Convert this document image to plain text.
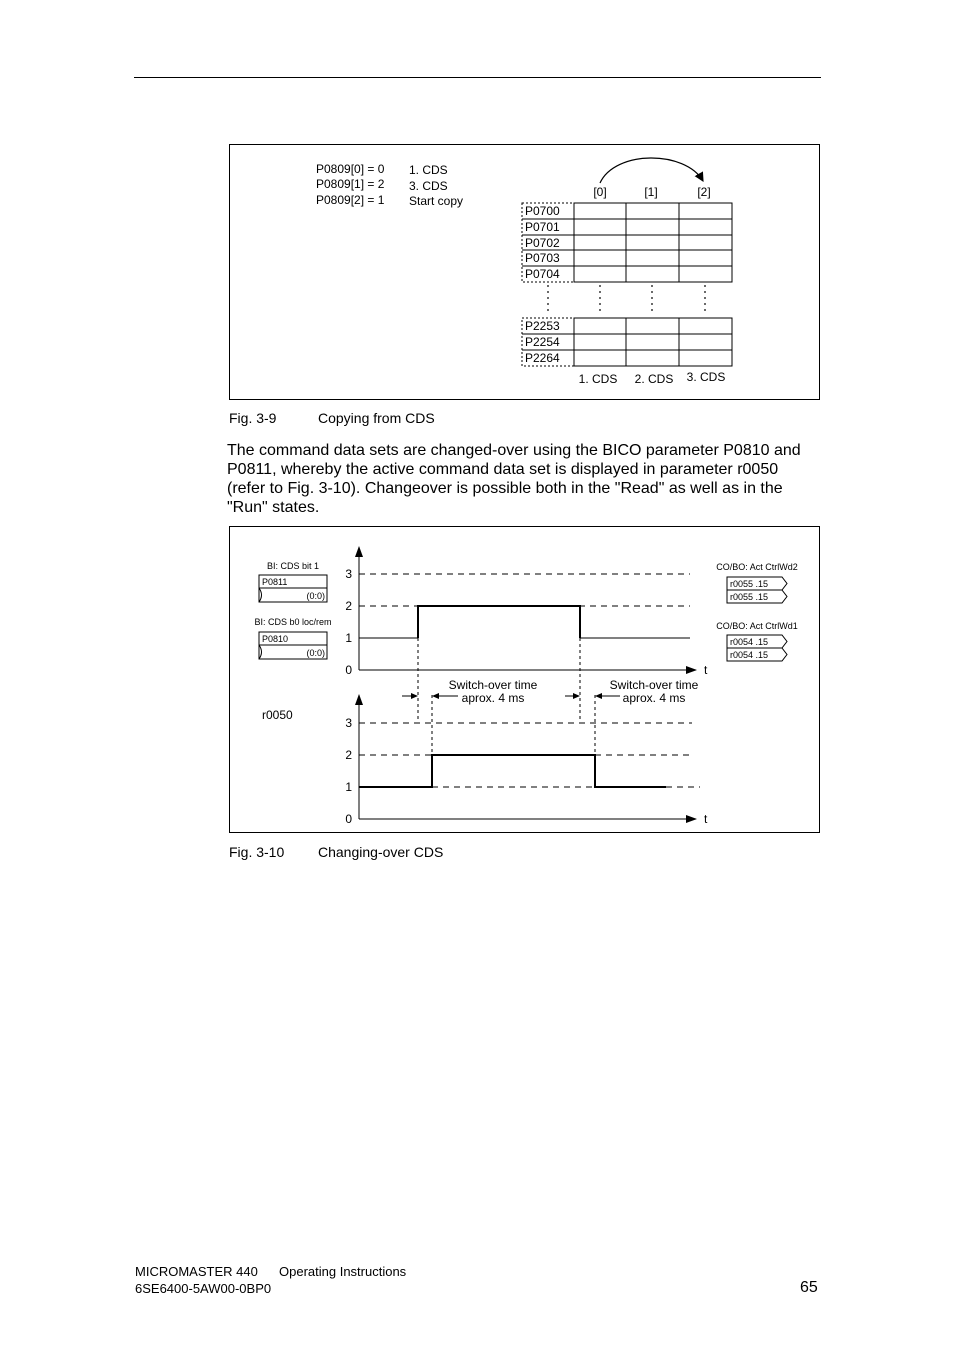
P0809[0] = 0
P0809[1] = 2
P0809[2] = 1
1. CDS
3. CDS
Start copy
[0]	[1]	[2]
P0700
P0701
P0702
P0703
P0704
P2253
P2254
P2264
1. CDS 2. CDS 3. CDS
Fig. 3-9	Copying from CDS
The command data sets are changed-over using the BICO parameter P0810 and
P0811, whereby the active command data set is displayed in parameter r0050
(refer to Fig. 3-10). Changeover is possible both in the "Read" as well as in the
"Run" states.
BI: CDS bit 1
P0811
(0:0)
BI: CDS b0 loc/rem
P0810
(0:0)
r0050
CO/BO: Act CtrlWd2
r0055 .15
r0055 .15
CO/BO: Act CtrlWd1
r0054 .15
r0054 .15
t
3
2
1
0
Switch-over time
aprox. 4 ms
Switch-over time
aprox. 4 ms
t
3
2
1
0
Fig. 3-10 Changing-over CDS
MICROMASTER 440 Operating Instructions
6SE6400-5AW00-0BP0	65
